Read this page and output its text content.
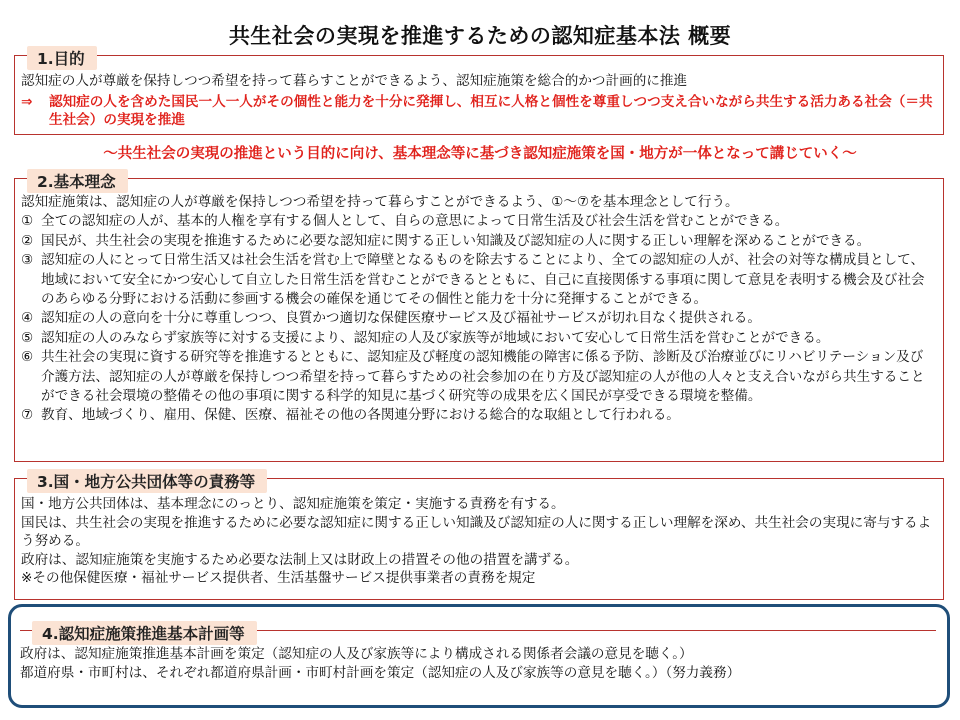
共生社会の実現を推進するための認知症基本法 概要
1.目的
認知症の人が尊厳を保持しつつ希望を持って暮らすことができるよう、認知症施策を総合的かつ計画的に推進
⇒	認知症の人を含めた国民一人一人がその個性と能力を十分に発揮し、相互に人格と個性を尊重しつつ支え合いながら共生する活力ある社会（＝共生社会）の実現を推進
～共生社会の実現の推進という目的に向け、基本理念等に基づき認知症施策を国・地方が一体となって講じていく～
2.基本理念
認知症施策は、認知症の人が尊厳を保持しつつ希望を持って暮らすことができるよう、①～⑦を基本理念として行う。
① 全ての認知症の人が、基本的人権を享有する個人として、自らの意思によって日常生活及び社会生活を営むことができる。
② 国民が、共生社会の実現を推進するために必要な認知症に関する正しい知識及び認知症の人に関する正しい理解を深めることができる。
③ 認知症の人にとって日常生活又は社会生活を営む上で障壁となるものを除去することにより、全ての認知症の人が、社会の対等な構成員として、地域において安全にかつ安心して自立した日常生活を営むことができるとともに、自己に直接関係する事項に関して意見を表明する機会及び社会のあらゆる分野における活動に参画する機会の確保を通じてその個性と能力を十分に発揮することができる。
④ 認知症の人の意向を十分に尊重しつつ、良質かつ適切な保健医療サービス及び福祉サービスが切れ目なく提供される。
⑤ 認知症の人のみならず家族等に対する支援により、認知症の人及び家族等が地域において安心して日常生活を営むことができる。
⑥ 共生社会の実現に資する研究等を推進するとともに、認知症及び軽度の認知機能の障害に係る予防、診断及び治療並びにリハビリテーション及び介護方法、認知症の人が尊厳を保持しつつ希望を持って暮らすための社会参加の在り方及び認知症の人が他の人々と支え合いながら共生することができる社会環境の整備その他の事項に関する科学的知見に基づく研究等の成果を広く国民が享受できる環境を整備。
⑦ 教育、地域づくり、雇用、保健、医療、福祉その他の各関連分野における総合的な取組として行われる。
3.国・地方公共団体等の責務等
国・地方公共団体は、基本理念にのっとり、認知症施策を策定・実施する責務を有する。
国民は、共生社会の実現を推進するために必要な認知症に関する正しい知識及び認知症の人に関する正しい理解を深め、共生社会の実現に寄与するよう努める。
政府は、認知症施策を実施するため必要な法制上又は財政上の措置その他の措置を講ずる。
※その他保健医療・福祉サービス提供者、生活基盤サービス提供事業者の責務を規定
4.認知症施策推進基本計画等
政府は、認知症施策推進基本計画を策定（認知症の人及び家族等により構成される関係者会議の意見を聴く。）
都道府県・市町村は、それぞれ都道府県計画・市町村計画を策定（認知症の人及び家族等の意見を聴く。）（努力義務）
